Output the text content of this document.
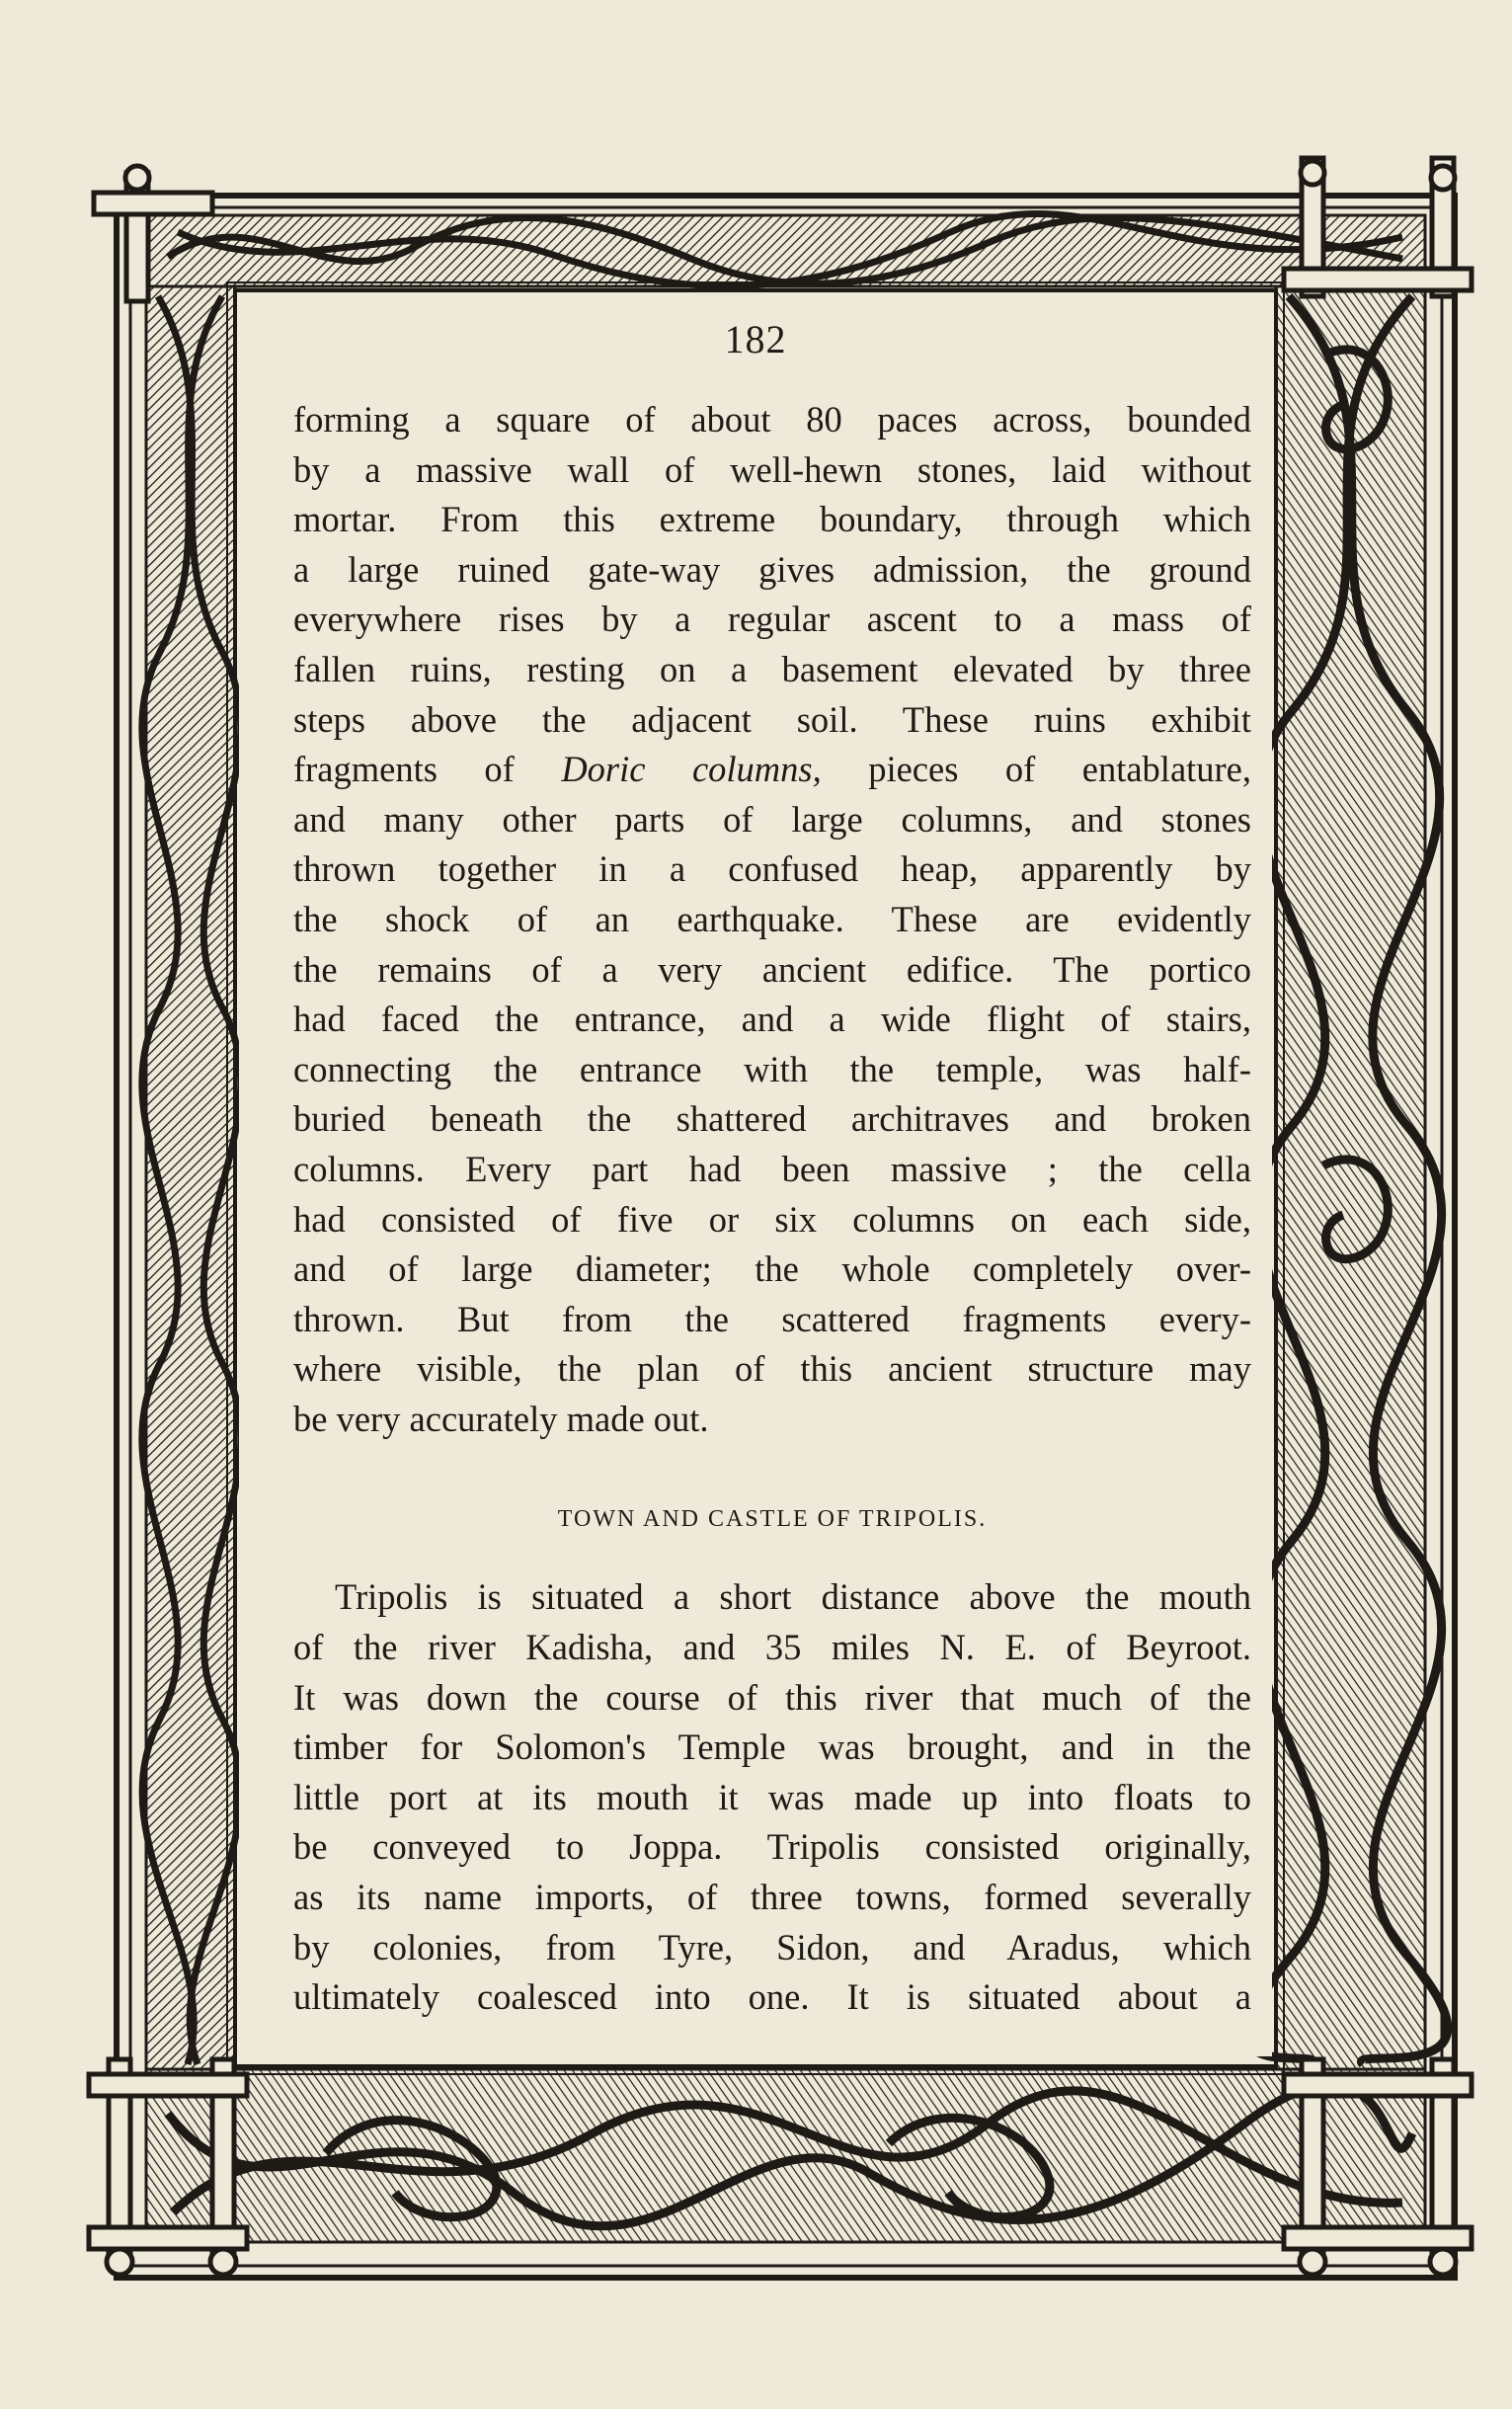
182
forming a square of about 80 paces across, bounded
by a massive wall of well-hewn stones, laid without
mortar. From this extreme boundary, through which
a large ruined gate-way gives admission, the ground
everywhere rises by a regular ascent to a mass of
fallen ruins, resting on a basement elevated by three
steps above the adjacent soil. These ruins exhibit
fragments of Doric columns, pieces of entablature,
and many other parts of large columns, and stones
thrown together in a confused heap, apparently by
the shock of an earthquake. These are evidently
the remains of a very ancient edifice. The portico
had faced the entrance, and a wide flight of stairs,
connecting the entrance with the temple, was half-
buried beneath the shattered architraves and broken
columns. Every part had been massive ; the cella
had consisted of five or six columns on each side,
and of large diameter; the whole completely over-
thrown. But from the scattered fragments every-
where visible, the plan of this ancient structure may
be very accurately made out.
TOWN AND CASTLE OF TRIPOLIS.
Tripolis is situated a short distance above the mouth
of the river Kadisha, and 35 miles N. E. of Beyroot.
It was down the course of this river that much of the
timber for Solomon's Temple was brought, and in the
little port at its mouth it was made up into floats to
be conveyed to Joppa. Tripolis consisted originally,
as its name imports, of three towns, formed severally
by colonies, from Tyre, Sidon, and Aradus, which
ultimately coalesced into one. It is situated about a
